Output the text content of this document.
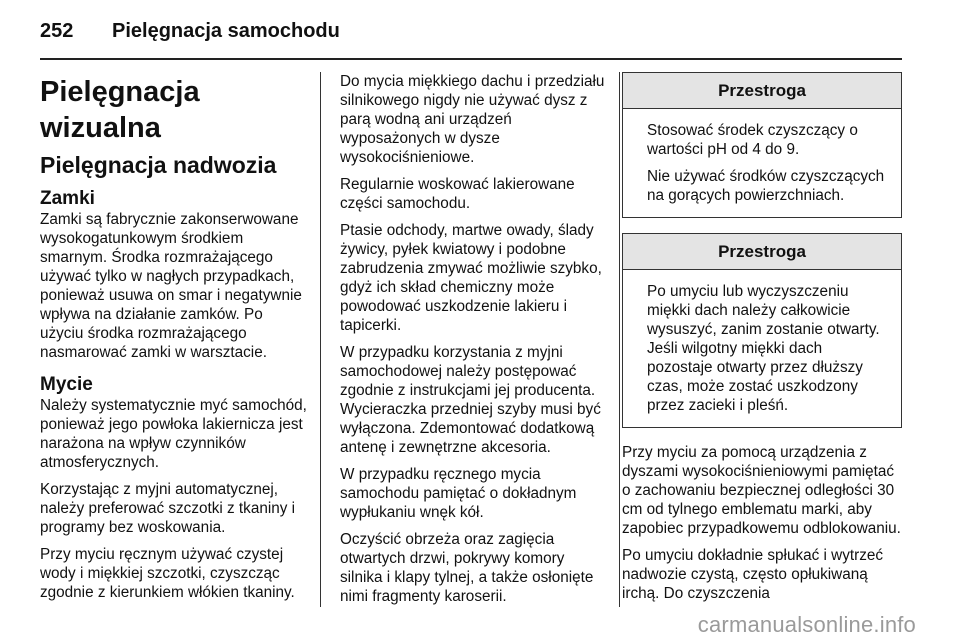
252 Pielęgnacja samochodu
Pielęgnacja wizualna
Pielęgnacja nadwozia
Zamki

Zamki są fabrycznie zakonserwowane wysokogatunkowym środkiem smarnym. Środka rozmrażającego używać tylko w nagłych przypadkach, ponieważ usuwa on smar i negatywnie wpływa na działanie zamków. Po użyciu środka rozmrażającego nasmarować zamki w warsztacie.

Mycie

Należy systematycznie myć samochód, ponieważ jego powłoka lakiernicza jest narażona na wpływ czynników atmosferycznych.

Korzystając z myjni automatycznej, należy preferować szczotki z tkaniny i programy bez woskowania.

Przy myciu ręcznym używać czystej wody i miękkiej szczotki, czyszcząc zgodnie z kierunkiem włókien tkaniny.

Do mycia miękkiego dachu i przedziału silnikowego nigdy nie używać dysz z parą wodną ani urządzeń wyposażonych w dysze wysokociśnieniowe.

Regularnie woskować lakierowane części samochodu.

Ptasie odchody, martwe owady, ślady żywicy, pyłek kwiatowy i podobne zabrudzenia zmywać możliwie szybko, gdyż ich skład chemiczny może powodować uszkodzenie lakieru i tapicerki.

W przypadku korzystania z myjni samochodowej należy postępować zgodnie z instrukcjami jej producenta. Wycieraczka przedniej szyby musi być wyłączona. Zdemontować dodatkową antenę i zewnętrzne akcesoria.

W przypadku ręcznego mycia samochodu pamiętać o dokładnym wypłukaniu wnęk kół.

Oczyścić obrzeża oraz zagięcia otwartych drzwi, pokrywy komory silnika i klapy tylnej, a także osłonięte nimi fragmenty karoserii.

Przestroga

Stosować środek czyszczący o wartości pH od 4 do 9.

Nie używać środków czyszczących na gorących powierzchniach.

Przestroga

Po umyciu lub wyczyszczeniu miękki dach należy całkowicie wysuszyć, zanim zostanie otwarty. Jeśli wilgotny miękki dach pozostaje otwarty przez dłuższy czas, może zostać uszkodzony przez zacieki i pleśń.

Przy myciu za pomocą urządzenia z dyszami wysokociśnieniowymi pamiętać o zachowaniu bezpiecznej odległości 30 cm od tylnego emblematu marki, aby zapobiec przypadkowemu odblokowaniu.

Po umyciu dokładnie spłukać i wytrzeć nadwozie czystą, często opłukiwaną irchą. Do czyszczenia

carmanualsonline.info
